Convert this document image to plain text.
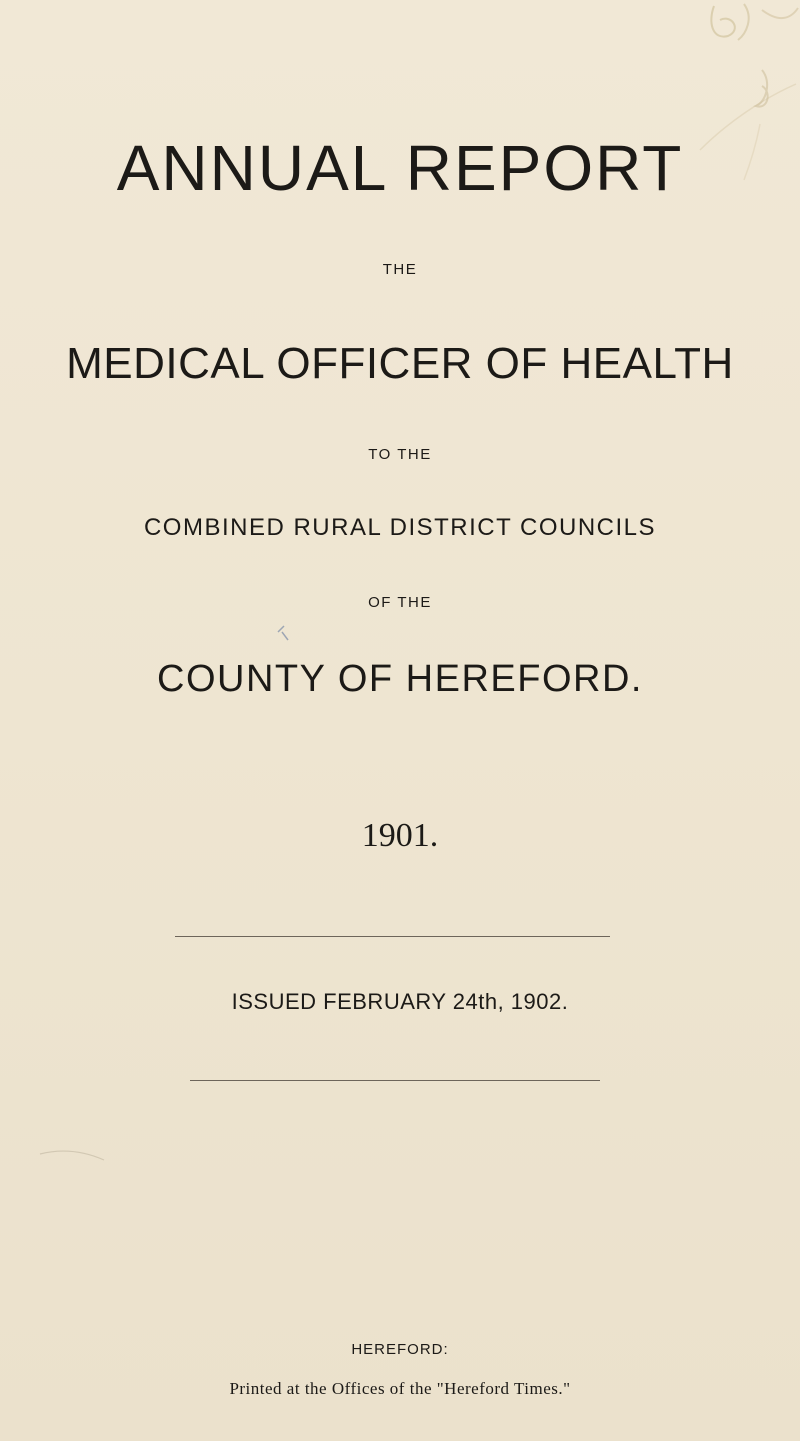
ANNUAL REPORT
THE
MEDICAL OFFICER OF HEALTH
TO THE
COMBINED RURAL DISTRICT COUNCILS
OF THE
COUNTY OF HEREFORD.
1901.
ISSUED FEBRUARY 24th, 1902.
HEREFORD:
Printed at the Offices of the "Hereford Times."
